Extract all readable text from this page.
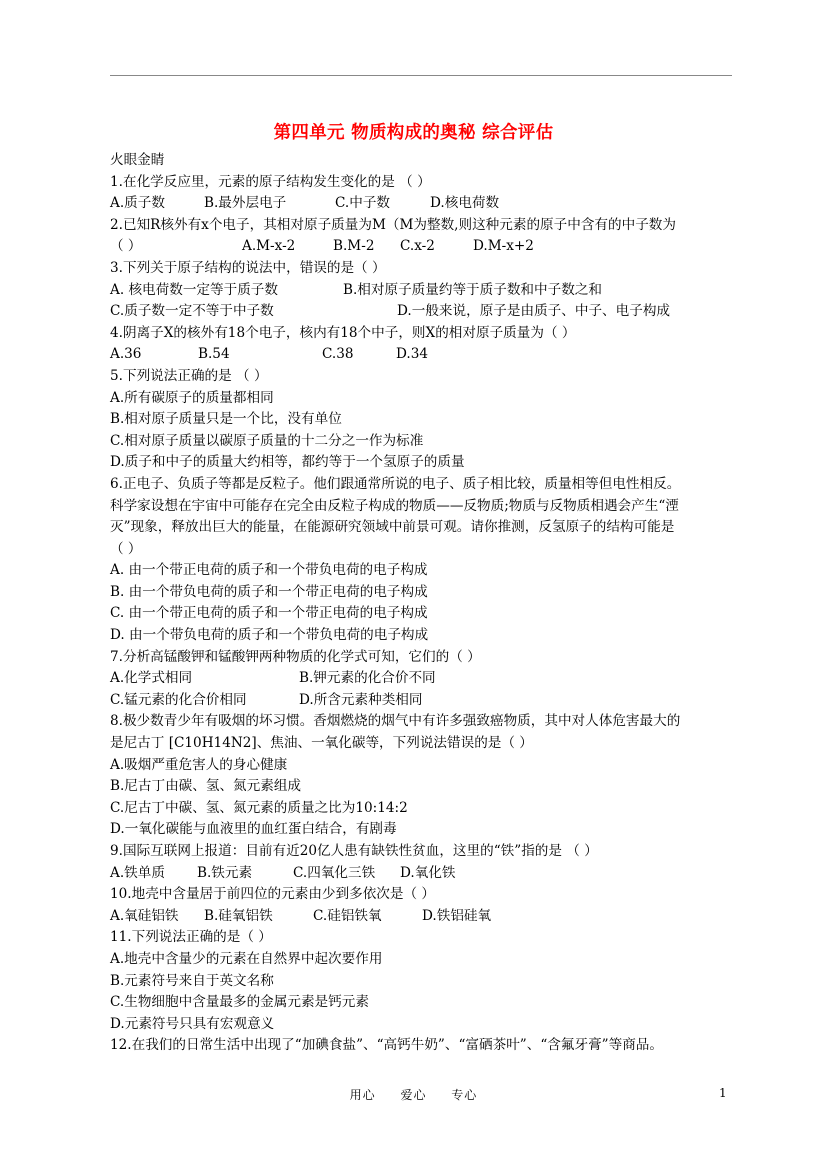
第四单元 物质构成的奥秘 综合评估
火眼金睛
1.在化学反应里，元素的原子结构发生变化的是 （ ）
A.质子数	B.最外层电子	C.中子数	D.核电荷数
2.已知R核外有x个电子，其相对原子质量为M（M为整数,则这种元素的原子中含有的中子数为
（ ）	A.M-x-2	B.M-2 C.x-2	D.M-x+2
3.下列关于原子结构的说法中，错误的是（ ）
A. 核电荷数一定等于质子数	B.相对原子质量约等于质子数和中子数之和
C.质子数一定不等于中子数	D.一般来说，原子是由质子、中子、电子构成
4.阴离子X的核外有18个电子，核内有18个中子，则X的相对原子质量为（ ）
A.36	B.54	C.38	D.34
5.下列说法正确的是 （ ）
A.所有碳原子的质量都相同
B.相对原子质量只是一个比，没有单位
C.相对原子质量以碳原子质量的十二分之一作为标准
D.质子和中子的质量大约相等，都约等于一个氢原子的质量
6.正电子、负质子等都是反粒子。他们跟通常所说的电子、质子相比较，质量相等但电性相反。
科学家设想在宇宙中可能存在完全由反粒子构成的物质——反物质;物质与反物质相遇会产生“湮
灭”现象，释放出巨大的能量，在能源研究领域中前景可观。请你推测，反氢原子的结构可能是
（ ）
A. 由一个带正电荷的质子和一个带负电荷的电子构成
B. 由一个带负电荷的质子和一个带正电荷的电子构成
C. 由一个带正电荷的质子和一个带正电荷的电子构成
D. 由一个带负电荷的质子和一个带负电荷的电子构成
7.分析高锰酸钾和锰酸钾两种物质的化学式可知，它们的（ ）
A.化学式相同	B.钾元素的化合价不同
C.锰元素的化合价相同	D.所含元素种类相同
8.极少数青少年有吸烟的坏习惯。香烟燃烧的烟气中有许多强致癌物质，其中对人体危害最大的
是尼古丁 [C10H14N2]、焦油、一氧化碳等，下列说法错误的是（ ）
A.吸烟严重危害人的身心健康
B.尼古丁由碳、氢、氮元素组成
C.尼古丁中碳、氢、氮元素的质量之比为10:14:2
D.一氧化碳能与血液里的血红蛋白结合，有剧毒
9.国际互联网上报道：目前有近20亿人患有缺铁性贫血，这里的“铁”指的是 （ ）
A.铁单质 B.铁元素	C.四氧化三铁 D.氧化铁
10.地壳中含量居于前四位的元素由少到多依次是（ ）
A.氧硅铝铁 B.硅氧铝铁	C.硅铝铁氧	D.铁铝硅氧
11.下列说法正确的是（ ）
A.地壳中含量少的元素在自然界中起次要作用
B.元素符号来自于英文名称
C.生物细胞中含量最多的金属元素是钙元素
D.元素符号只具有宏观意义
12.在我们的日常生活中出现了“加碘食盐”、“高钙牛奶”、“富硒茶叶”、“含氟牙膏”等商品。
用心 爱心 专心	1
